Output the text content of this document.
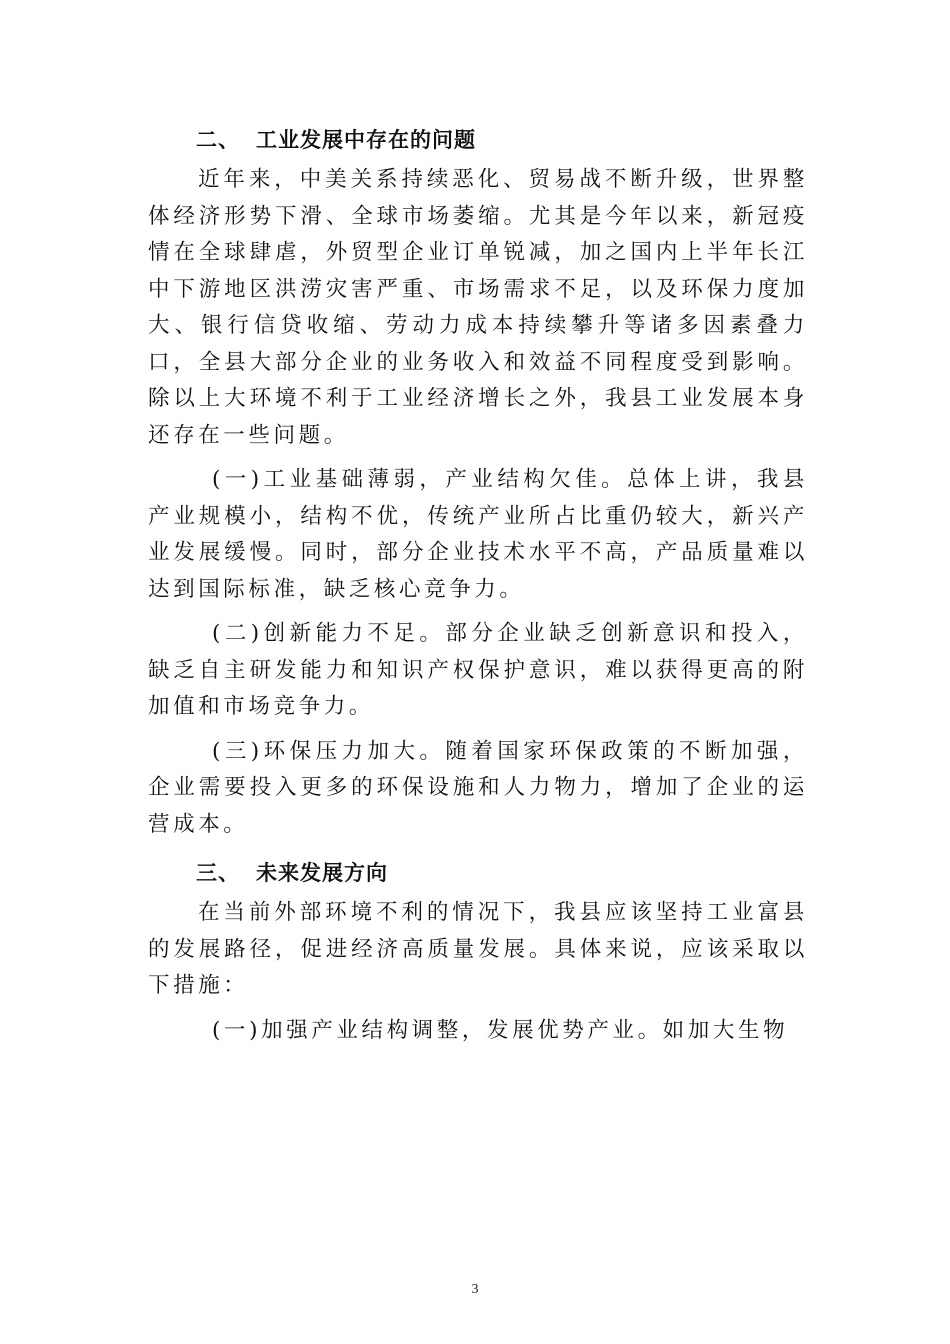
二、 工业发展中存在的问题

近年来，中美关系持续恶化、贸易战不断升级，世界整体经济形势下滑、全球市场萎缩。尤其是今年以来，新冠疫情在全球肆虐，外贸型企业订单锐减，加之国内上半年长江中下游地区洪涝灾害严重、市场需求不足，以及环保力度加大、银行信贷收缩、劳动力成本持续攀升等诸多因素叠力口，全县大部分企业的业务收入和效益不同程度受到影响。除以上大环境不利于工业经济增长之外，我县工业发展本身还存在一些问题。

(一)工业基础薄弱，产业结构欠佳。总体上讲，我县产业规模小，结构不优，传统产业所占比重仍较大，新兴产业发展缓慢。同时，部分企业技术水平不高，产品质量难以达到国际标准，缺乏核心竞争力。

(二)创新能力不足。部分企业缺乏创新意识和投入，缺乏自主研发能力和知识产权保护意识，难以获得更高的附加值和市场竞争力。

(三)环保压力加大。随着国家环保政策的不断加强，企业需要投入更多的环保设施和人力物力，增加了企业的运营成本。

三、 未来发展方向

在当前外部环境不利的情况下，我县应该坚持工业富县的发展路径，促进经济高质量发展。具体来说，应该采取以下措施：

(一)加强产业结构调整，发展优势产业。如加大生物

3
